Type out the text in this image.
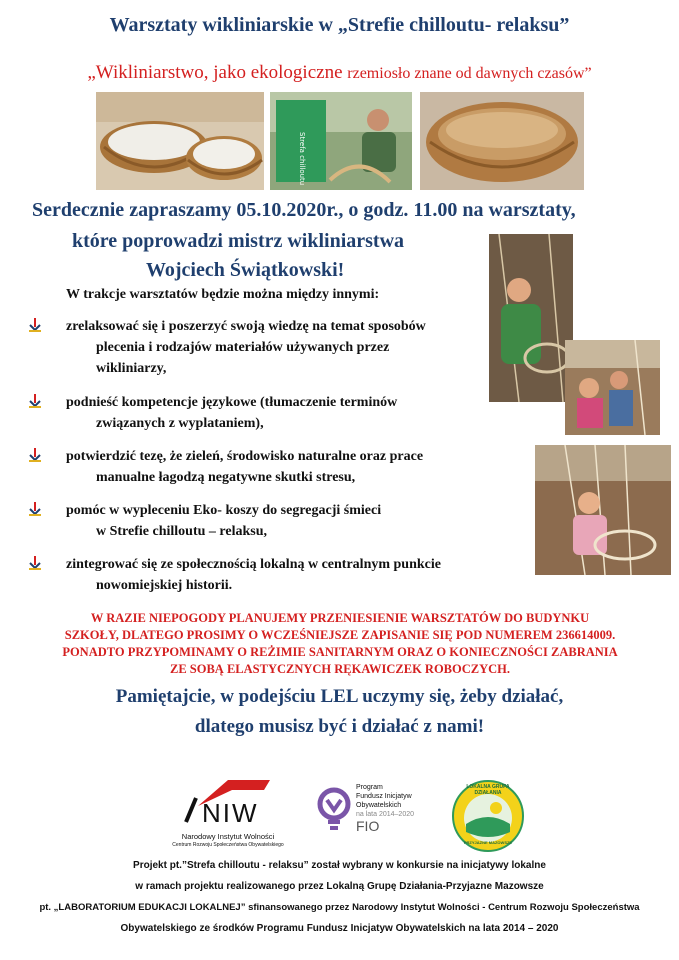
Warsztaty wikliniarskie w „Strefie chilloutu- relaksu”
„Wikliniarstwo, jako ekologiczne rzemiosło znane od dawnych czasów”
Strefa chilloutu
Serdecznie zapraszamy 05.10.2020r., o godz. 11.00 na warsztaty,
które poprowadzi mistrz wikliniarstwa
Wojciech Świątkowski!
W trakcje warsztatów będzie można między innymi:
zrelaksować się i poszerzyć swoją wiedzę na temat sposobów
plecenia i rodzajów materiałów używanych przez
wikliniarzy,
podnieść kompetencje językowe (tłumaczenie terminów
związanych z wyplataniem),
potwierdzić tezę, że zieleń, środowisko naturalne oraz prace
manualne łagodzą negatywne skutki stresu,
pomóc w wypleceniu Eko- koszy do segregacji śmieci
w Strefie chilloutu – relaksu,
zintegrować się ze społecznością lokalną w centralnym punkcie
nowomiejskiej historii.
W RAZIE NIEPOGODY PLANUJEMY PRZENIESIENIE WARSZTATÓW DO BUDYNKU
SZKOŁY, DLATEGO PROSIMY O WCZEŚNIEJSZE ZAPISANIE SIĘ POD NUMEREM 236614009.
PONADTO PRZYPOMINAMY O REŻIMIE SANITARNYM ORAZ O KONIECZNOŚCI ZABRANIA
ZE SOBĄ ELASTYCZNYCH RĘKAWICZEK ROBOCZYCH.
Pamiętajcie, w podejściu LEL uczymy się, żeby działać,
dlatego musisz być i działać z nami!
NIW
Narodowy Instytut Wolności
Centrum Rozwoju Społeczeństwa Obywatelskiego
Program
Fundusz Inicjatyw
Obywatelskich
na lata 2014–2020
FIO
LOKALNA GRUPA DZIAŁANIA
PRZYJAZNE MAZOWSZE
Projekt pt.”Strefa chilloutu - relaksu” został wybrany w konkursie na inicjatywy lokalne
w ramach projektu realizowanego przez Lokalną Grupę Działania-Przyjazne Mazowsze
pt. „LABORATORIUM EDUKACJI LOKALNEJ” sfinansowanego przez Narodowy Instytut Wolności - Centrum Rozwoju Społeczeństwa
Obywatelskiego ze środków Programu Fundusz Inicjatyw Obywatelskich na lata 2014 – 2020
